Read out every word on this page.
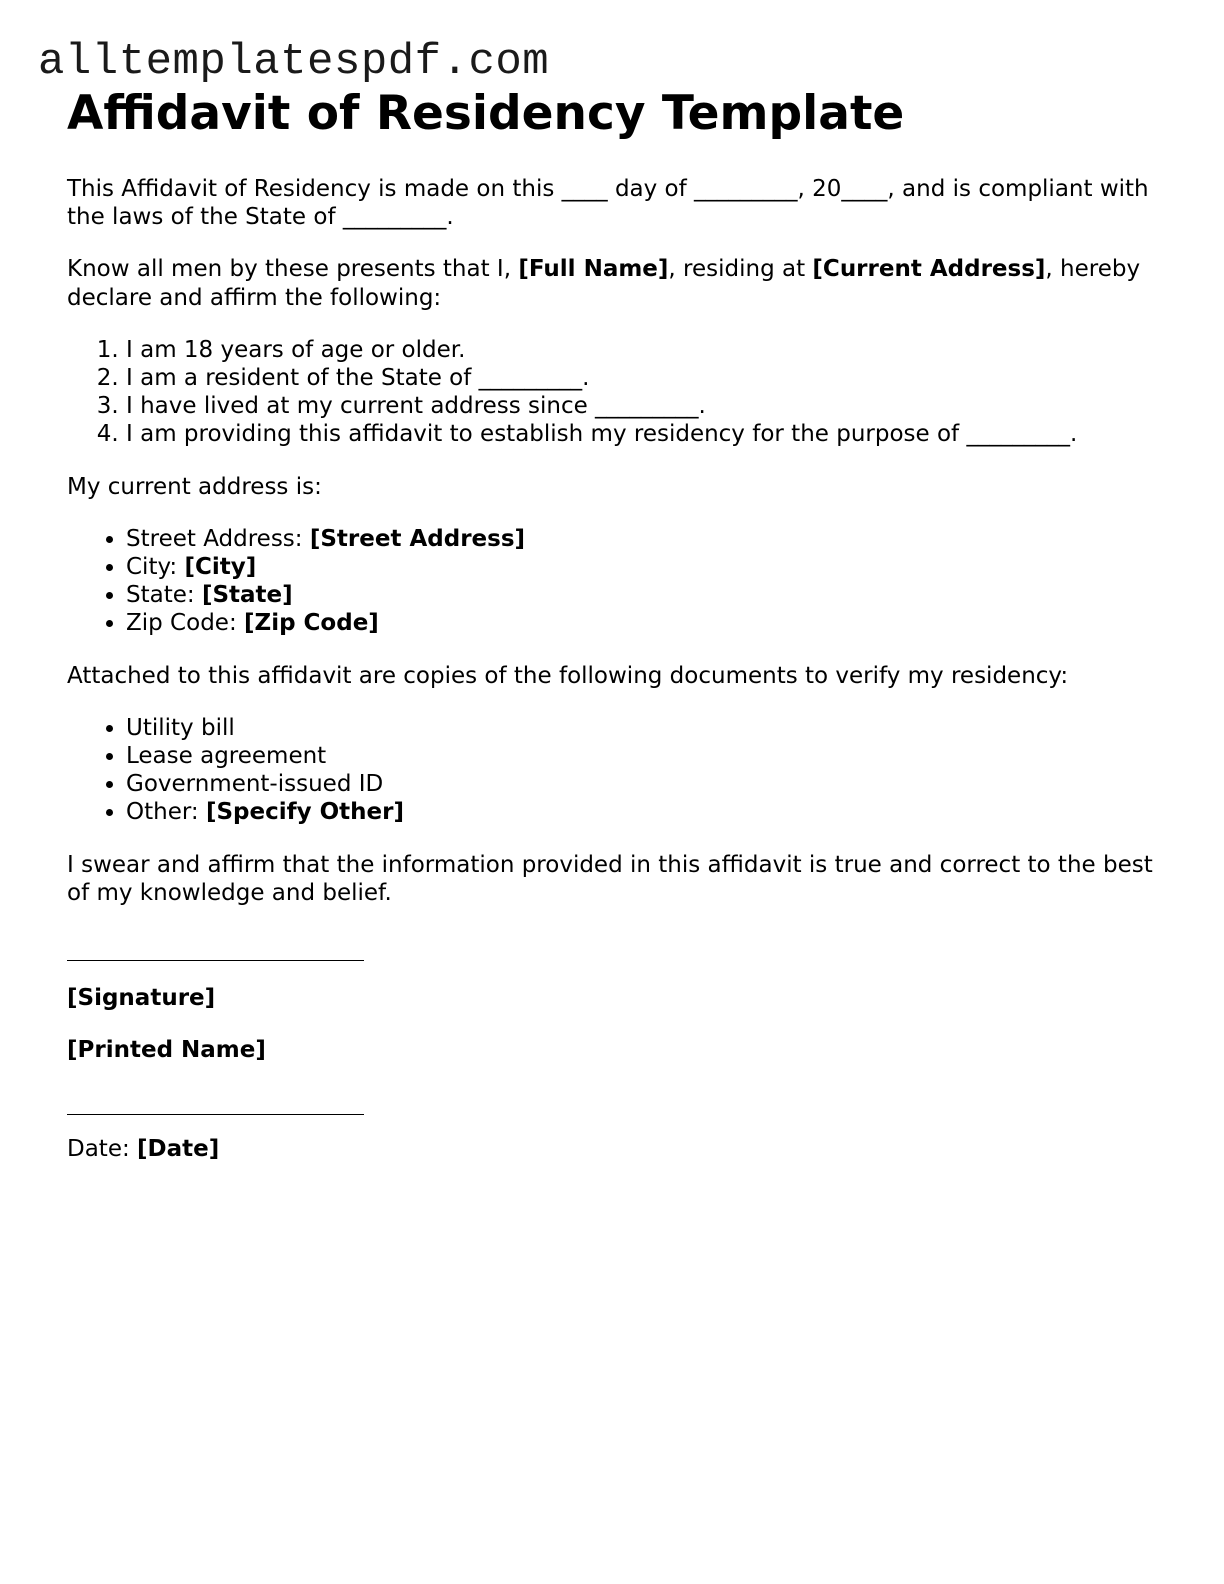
alltemplatespdf.com
Affidavit of Residency Template

This Affidavit of Residency is made on this ____ day of _________, 20____, and is compliant with the laws of the State of _________.

Know all men by these presents that I, [Full Name], residing at [Current Address], hereby declare and affirm the following:

1. I am 18 years of age or older.
2. I am a resident of the State of _________.
3. I have lived at my current address since _________.
4. I am providing this affidavit to establish my residency for the purpose of _________.

My current address is:

• Street Address: [Street Address]
• City: [City]
• State: [State]
• Zip Code: [Zip Code]

Attached to this affidavit are copies of the following documents to verify my residency:

• Utility bill
• Lease agreement
• Government-issued ID
• Other: [Specify Other]

I swear and affirm that the information provided in this affidavit is true and correct to the best of my knowledge and belief.

[Signature]

[Printed Name]

Date: [Date]
